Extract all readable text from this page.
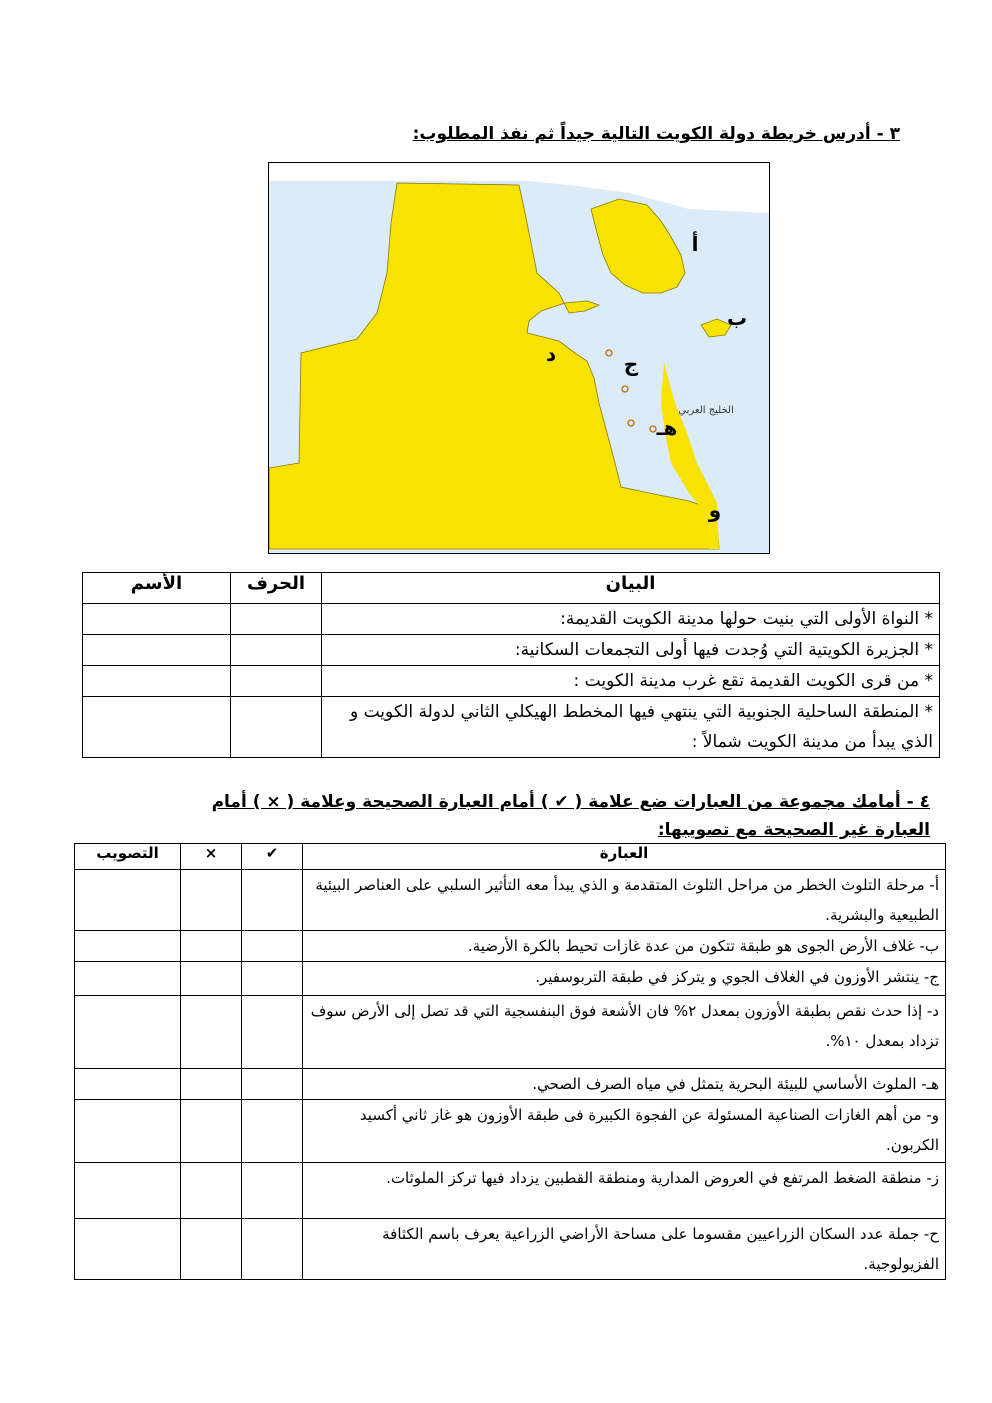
٣ - أدرس خريطة دولة الكويت التالية جيداً ثم نفذ المطلوب:
الخليج العربي
أ
ب
ج
د
هـ
و
البيان	الحرف	الأسم
* النواة الأولى التي بنيت حولها مدينة الكويت القديمة:		
* الجزيرة الكويتية التي وُجدت فيها أولى التجمعات السكانية:		
* من قرى الكويت القديمة تقع غرب مدينة الكويت :		
* المنطقة الساحلية الجنوبية التي ينتهي فيها المخطط الهيكلي الثاني لدولة الكويت و الذي يبدأ من مدينة الكويت شمالاً :		
٤ - أمامك مجموعة من العبارات ضع علامة ( ✔ ) أمام العبارة الصحيحة وعلامة ( × ) أمام العبارة غير الصحيحة مع تصويبها:
العبارة	✔	×	التصويب
أ- مرحلة التلوث الخطر من مراحل التلوث المتقدمة و الذي يبدأ معه التأثير السلبي على العناصر البيئية الطبيعية والبشرية.			
ب- غلاف الأرض الجوى هو طبقة تتكون من عدة غازات تحيط بالكرة الأرضية.			
ج- ينتشر الأوزون في الغلاف الجوي و يتركز في طبقة التربوسفير.			
د- إذا حدث نقص بطبقة الأوزون بمعدل ٢% فان الأشعة فوق البنفسجية التي قد تصل إلى الأرض سوف تزداد بمعدل ١٠%.			
هـ- الملوث الأساسي للبيئة البحرية يتمثل في مياه الصرف الصحي.			
و- من أهم الغازات الصناعية المسئولة عن الفجوة الكبيرة فى طبقة الأوزون هو غاز ثاني أكسيد الكربون.			
ز- منطقة الضغط المرتفع في العروض المدارية ومنطقة القطبين يزداد فيها تركز الملوثات.			
ح- جملة عدد السكان الزراعيين مقسوما على مساحة الأراضي الزراعية يعرف باسم الكثافة الفزيولوجية.			
